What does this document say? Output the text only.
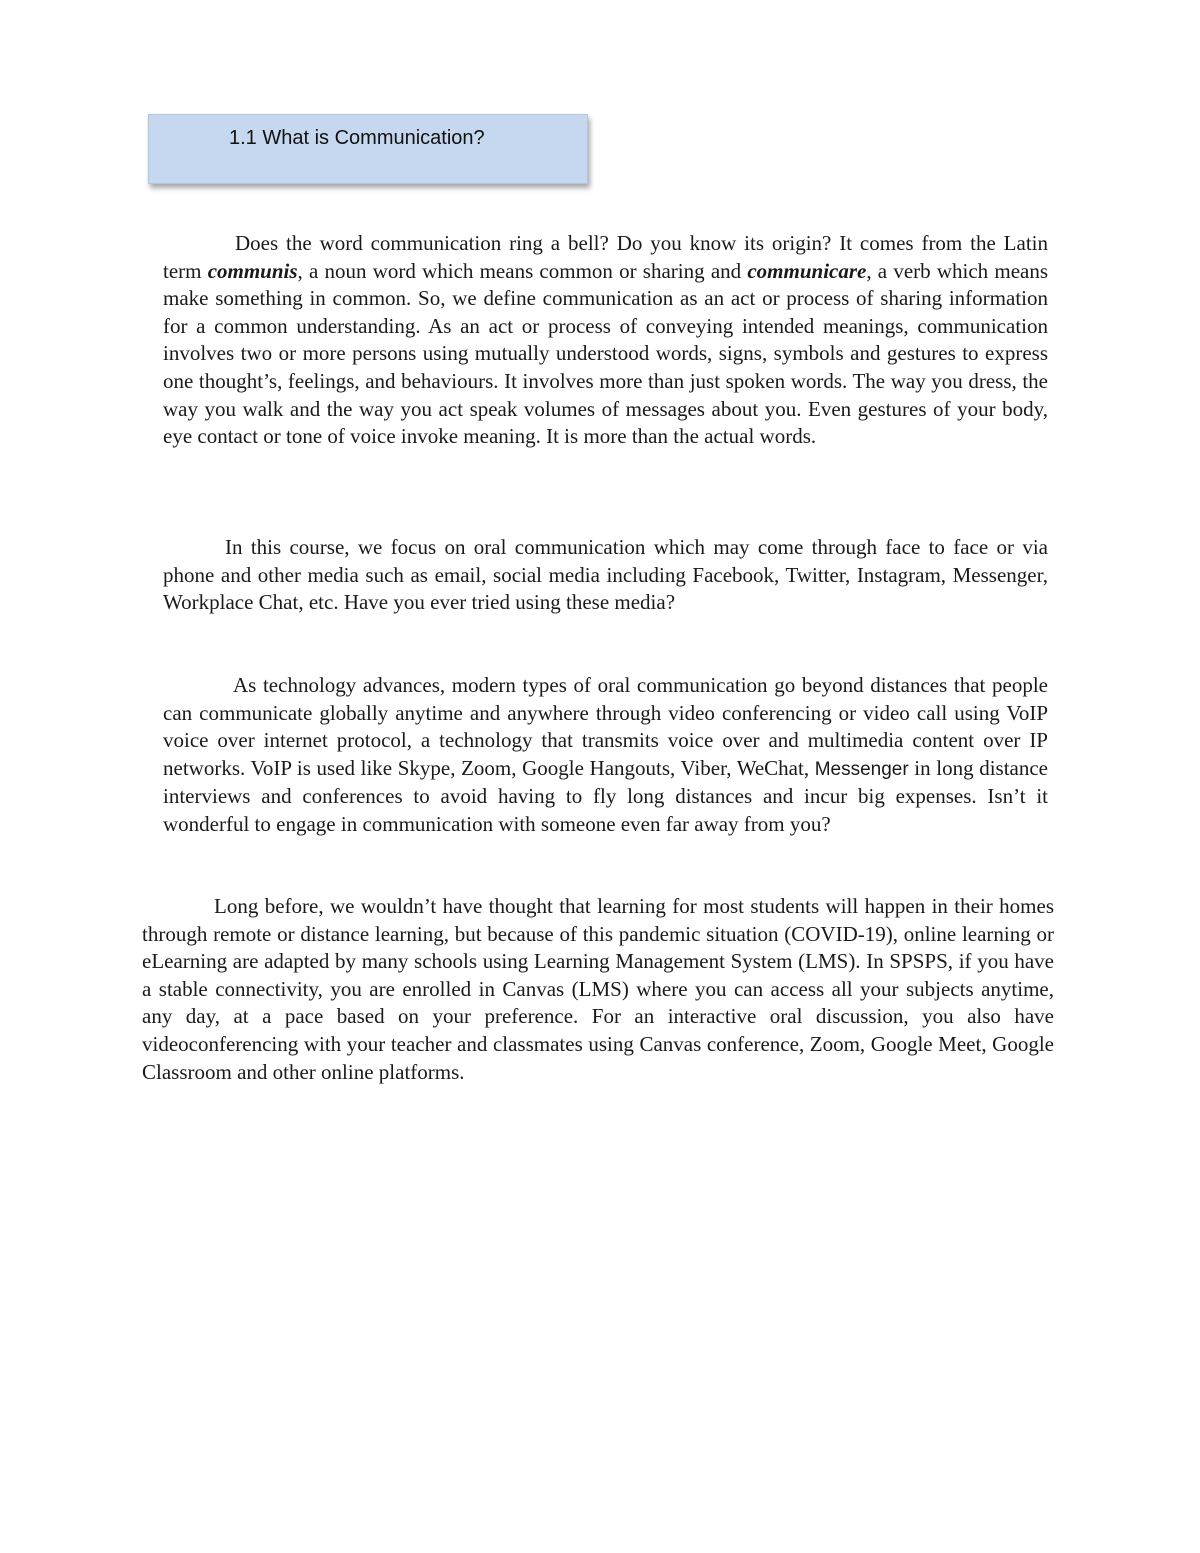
1.1 What is Communication?

Does the word communication ring a bell? Do you know its origin? It comes from the Latin term communis, a noun word which means common or sharing and communicare, a verb which means make something in common. So, we define communication as an act or process of sharing information for a common understanding. As an act or process of conveying intended meanings, communication involves two or more persons using mutually understood words, signs, symbols and gestures to express one thought’s, feelings, and behaviours. It involves more than just spoken words. The way you dress, the way you walk and the way you act speak volumes of messages about you. Even gestures of your body, eye contact or tone of voice invoke meaning. It is more than the actual words.

In this course, we focus on oral communication which may come through face to face or via phone and other media such as email, social media including Facebook, Twitter, Instagram, Messenger, Workplace Chat, etc. Have you ever tried using these media?

As technology advances, modern types of oral communication go beyond distances that people can communicate globally anytime and anywhere through video conferencing or video call using VoIP voice over internet protocol, a technology that transmits voice over and multimedia content over IP networks. VoIP is used like Skype, Zoom, Google Hangouts, Viber, WeChat, Messenger in long distance interviews and conferences to avoid having to fly long distances and incur big expenses. Isn’t it wonderful to engage in communication with someone even far away from you?

Long before, we wouldn’t have thought that learning for most students will happen in their homes through remote or distance learning, but because of this pandemic situation (COVID-19), online learning or eLearning are adapted by many schools using Learning Management System (LMS). In SPSPS, if you have a stable connectivity, you are enrolled in Canvas (LMS) where you can access all your subjects anytime, any day, at a pace based on your preference. For an interactive oral discussion, you also have videoconferencing with your teacher and classmates using Canvas conference, Zoom, Google Meet, Google Classroom and other online platforms.
